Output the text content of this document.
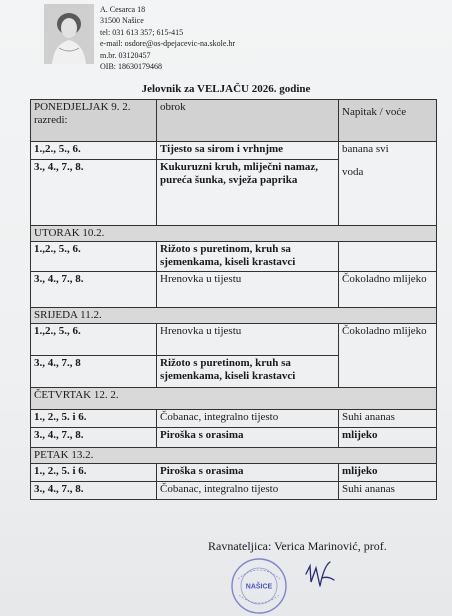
A. Cesarca 18
31500 Našice
tel: 031 613 357; 615-415
e-mail: osdore@os-dpejacevic-na.skole.hr
m.br. 03120457
OIB: 18630179468
Jelovnik za VELJAČU 2026. godine
PONEDJELJAK 9. 2. razredi:	obrok	Napitak / voće
1.,2., 5., 6.	Tijesto sa sirom i vrhnjme	banana svi
voda

3., 4., 7., 8.	Kukuruzni kruh, mliječni namaz, pureća šunka, svježa paprika	
UTORAK 10.2.		
1.,2., 5., 6.	Rižoto s puretinom, kruh sa sjemenkama, kiseli krastavci	
3., 4., 7., 8.	Hrenovka u tijestu	Čokoladno mlijeko
SRIJEDA 11.2.		
1.,2., 5., 6.	Hrenovka u tijestu	Čokoladno mlijeko
3., 4., 7., 8	Rižoto s puretinom, kruh sa sjemenkama, kiseli krastavci	
ČETVRTAK 12. 2.		
1., 2., 5. i 6.	Čobanac, integralno tijesto	Suhi ananas
3., 4., 7., 8.	Piroška s orasima	mlijeko
PETAK 13.2.		
1., 2., 5. i 6.	Piroška s orasima	mlijeko
3., 4., 7., 8.	Čobanac, integralno tijesto	Suhi ananas
Ravnateljica: Verica Marinović, prof.
NAŠICE
